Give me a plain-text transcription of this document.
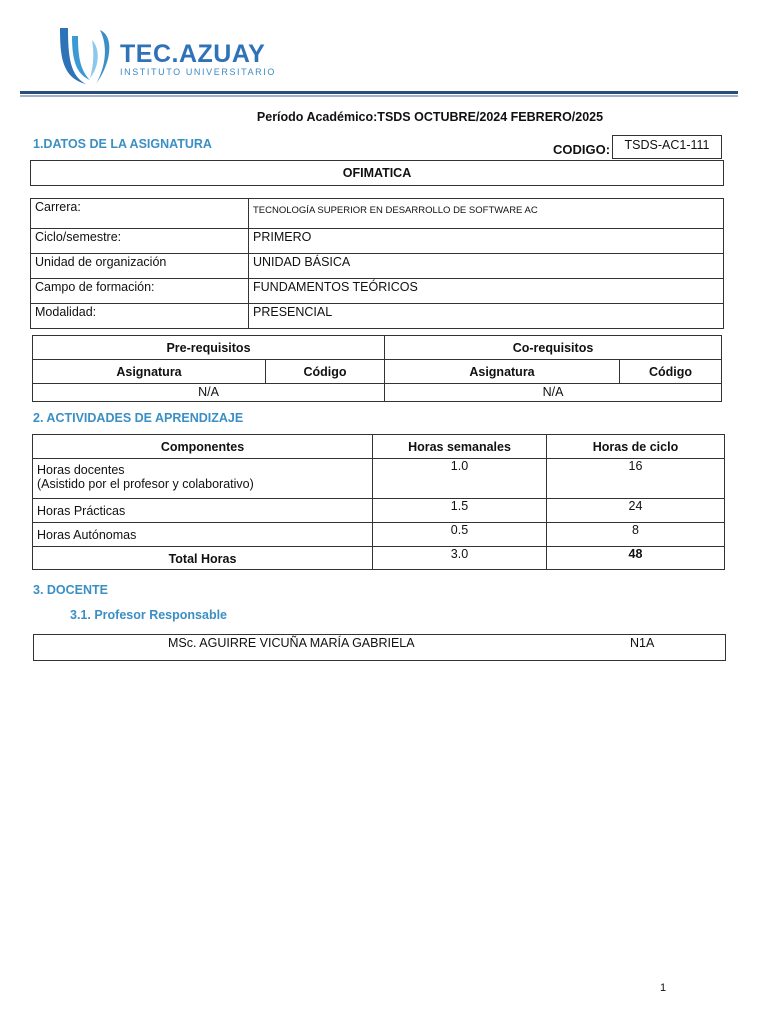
TEC.AZUAY
INSTITUTO UNIVERSITARIO
Período Académico:TSDS OCTUBRE/2024 FEBRERO/2025
1.DATOS DE LA ASIGNATURA	CODIGO:	TSDS-AC1-111
OFIMATICA
Carrera:	TECNOLOGÍA SUPERIOR EN DESARROLLO DE SOFTWARE AC
Ciclo/semestre:	PRIMERO
Unidad de organización	UNIDAD BÁSICA
Campo de formación:	FUNDAMENTOS TEÓRICOS
Modalidad:	PRESENCIAL
Pre-requisitos		Co-requisitos	
Asignatura	Código	Asignatura	Código
N/A		N/A	
2. ACTIVIDADES DE APRENDIZAJE
Componentes	Horas semanales	Horas de ciclo

Horas docentes
(Asistido por el profesor y colaborativo)	1.0	16
Horas Prácticas	1.5	24
Horas Autónomas	0.5	8
Total Horas	3.0	48
3. DOCENTE
3.1. Profesor Responsable
MSc. AGUIRRE VICUÑA MARÍA GABRIELA	N1A
1
